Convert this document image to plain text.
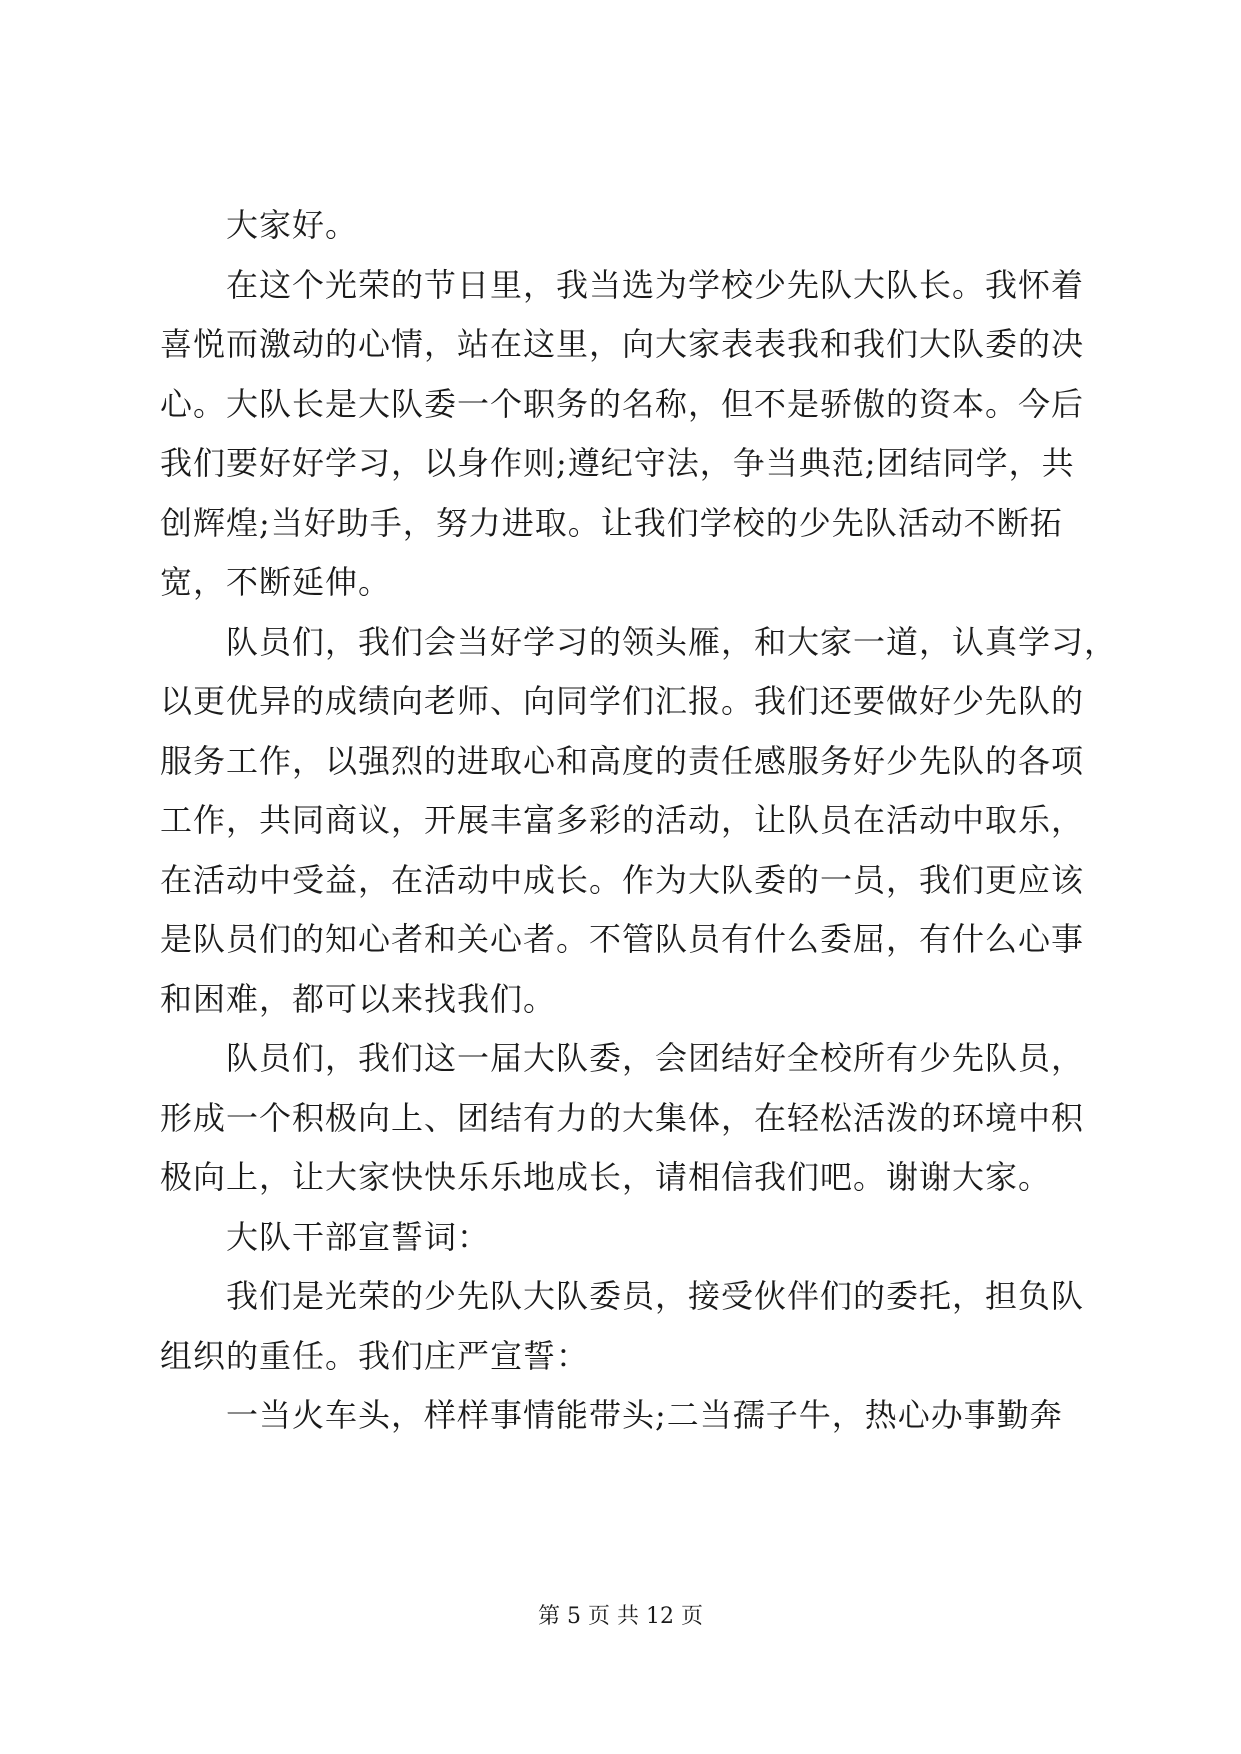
　　大家好。
　　在这个光荣的节日里，我当选为学校少先队大队长。我怀着
喜悦而激动的心情，站在这里，向大家表表我和我们大队委的决
心。大队长是大队委一个职务的名称，但不是骄傲的资本。今后
我们要好好学习，以身作则;遵纪守法，争当典范;团结同学，共
创辉煌;当好助手，努力进取。让我们学校的少先队活动不断拓
宽，不断延伸。
　　队员们，我们会当好学习的领头雁，和大家一道，认真学习，
以更优异的成绩向老师、向同学们汇报。我们还要做好少先队的
服务工作，以强烈的进取心和高度的责任感服务好少先队的各项
工作，共同商议，开展丰富多彩的活动，让队员在活动中取乐，
在活动中受益，在活动中成长。作为大队委的一员，我们更应该
是队员们的知心者和关心者。不管队员有什么委屈，有什么心事
和困难，都可以来找我们。
　　队员们，我们这一届大队委，会团结好全校所有少先队员，
形成一个积极向上、团结有力的大集体，在轻松活泼的环境中积
极向上，让大家快快乐乐地成长，请相信我们吧。谢谢大家。
　　大队干部宣誓词：
　　我们是光荣的少先队大队委员，接受伙伴们的委托，担负队
组织的重任。我们庄严宣誓：
　　一当火车头，样样事情能带头;二当孺子牛，热心办事勤奔
第 5 页 共 12 页
